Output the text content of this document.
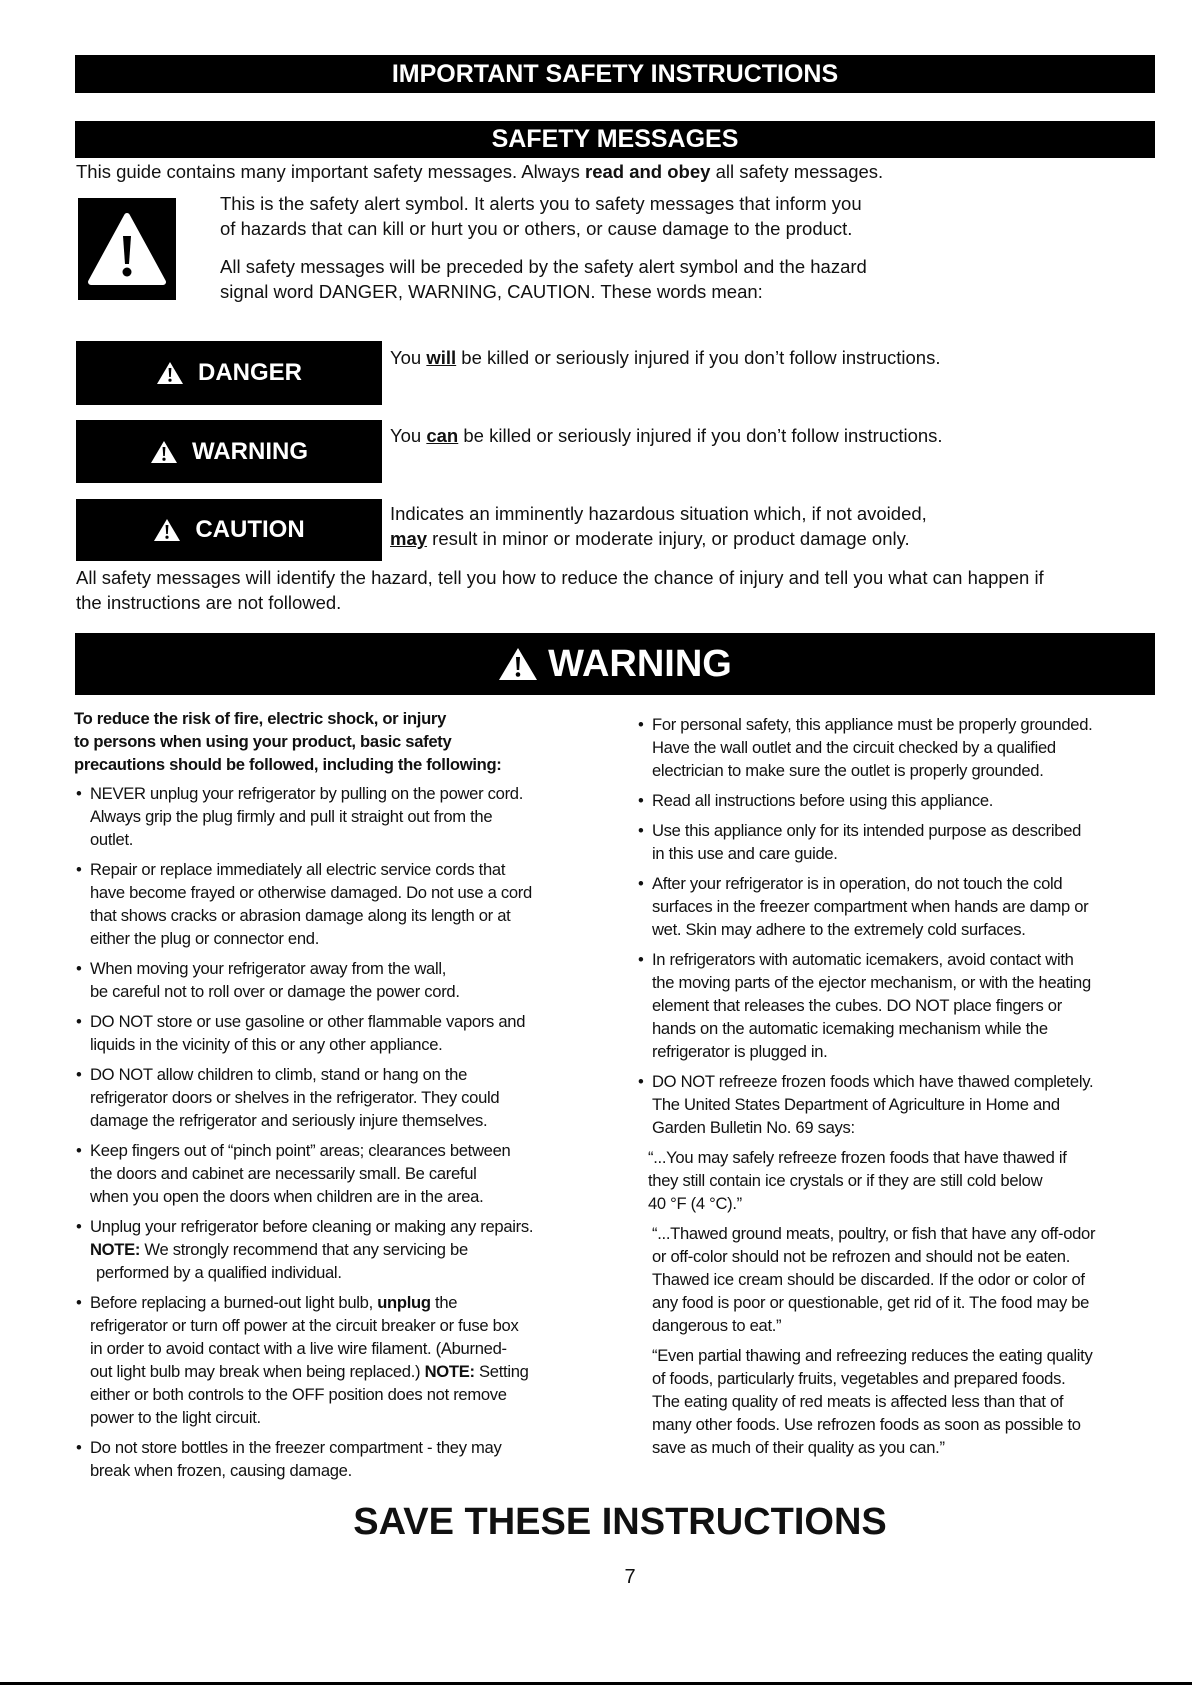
IMPORTANT SAFETY INSTRUCTIONS
SAFETY MESSAGES
This guide contains many important safety messages. Always read and obey all safety messages.
This is the safety alert symbol. It alerts you to safety messages that inform you
of hazards that can kill or hurt you or others, or cause damage to the product.
All safety messages will be preceded by the safety alert symbol and the hazard
signal word DANGER, WARNING, CAUTION. These words mean:
DANGER
You will be killed or seriously injured if you don’t follow instructions.
WARNING
You can be killed or seriously injured if you don’t follow instructions.
CAUTION
Indicates an imminently hazardous situation which, if not avoided,
may result in minor or moderate injury, or product damage only.
All safety messages will identify the hazard, tell you how to reduce the chance of injury and tell you what can happen if
the instructions are not followed.
WARNING
To reduce the risk of fire, electric shock, or injury
to persons when using your product, basic safety
precautions should be followed, including the following:
• NEVER unplug your refrigerator by pulling on the power cord.
Always grip the plug firmly and pull it straight out from the
outlet.
• Repair or replace immediately all electric service cords that
have become frayed or otherwise damaged. Do not use a cord
that shows cracks or abrasion damage along its length or at
either the plug or connector end.
• When moving your refrigerator away from the wall,
be careful not to roll over or damage the power cord.
• DO NOT store or use gasoline or other flammable vapors and
liquids in the vicinity of this or any other appliance.
• DO NOT allow children to climb, stand or hang on the
refrigerator doors or shelves in the refrigerator. They could
damage the refrigerator and seriously injure themselves.
• Keep fingers out of “pinch point” areas; clearances between
the doors and cabinet are necessarily small. Be careful
when you open the doors when children are in the area.
• Unplug your refrigerator before cleaning or making any repairs.
NOTE: We strongly recommend that any servicing be
performed by a qualified individual.
• Before replacing a burned-out light bulb, unplug the
refrigerator or turn off power at the circuit breaker or fuse box
in order to avoid contact with a live wire filament. (Aburned-
out light bulb may break when being replaced.) NOTE: Setting
either or both controls to the OFF position does not remove
power to the light circuit.
• Do not store bottles in the freezer compartment - they may
break when frozen, causing damage.
• For personal safety, this appliance must be properly grounded.
Have the wall outlet and the circuit checked by a qualified
electrician to make sure the outlet is properly grounded.
• Read all instructions before using this appliance.
• Use this appliance only for its intended purpose as described
in this use and care guide.
• After your refrigerator is in operation, do not touch the cold
surfaces in the freezer compartment when hands are damp or
wet. Skin may adhere to the extremely cold surfaces.
• In refrigerators with automatic icemakers, avoid contact with
the moving parts of the ejector mechanism, or with the heating
element that releases the cubes. DO NOT place fingers or
hands on the automatic icemaking mechanism while the
refrigerator is plugged in.
• DO NOT refreeze frozen foods which have thawed completely.
The United States Department of Agriculture in Home and
Garden Bulletin No. 69 says:
“...You may safely refreeze frozen foods that have thawed if
they still contain ice crystals or if they are still cold below
40 °F (4 °C).”
“...Thawed ground meats, poultry, or fish that have any off-odor
or off-color should not be refrozen and should not be eaten.
Thawed ice cream should be discarded. If the odor or color of
any food is poor or questionable, get rid of it. The food may be
dangerous to eat.”
“Even partial thawing and refreezing reduces the eating quality
of foods, particularly fruits, vegetables and prepared foods.
The eating quality of red meats is affected less than that of
many other foods. Use refrozen foods as soon as possible to
save as much of their quality as you can.”
SAVE THESE INSTRUCTIONS
7
